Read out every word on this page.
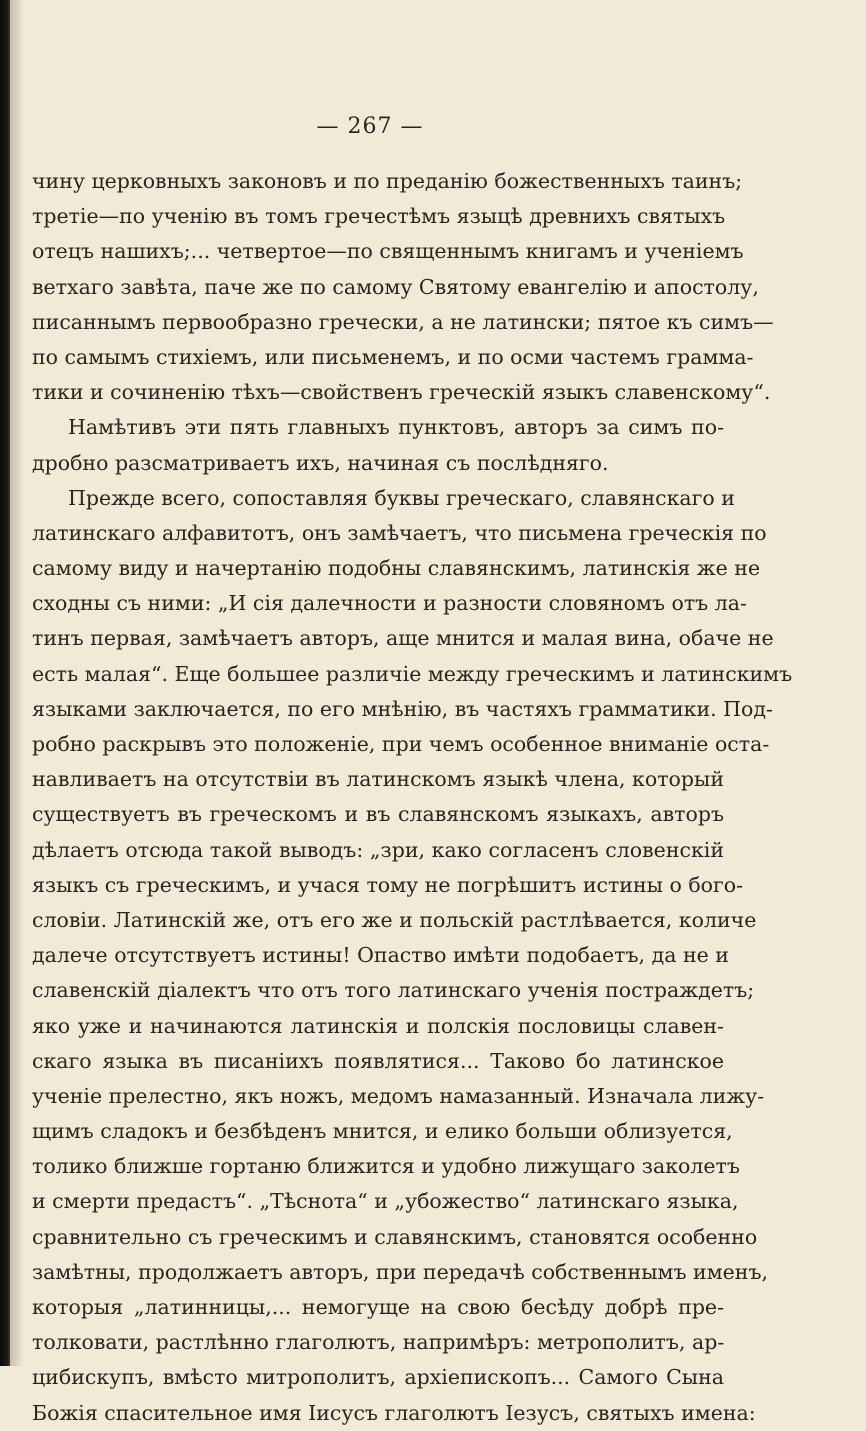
— 267 —
чину церковныхъ законовъ и по преданію божественныхъ таинъ;
третіе—по ученію въ томъ гречестѣмъ языцѣ древнихъ святыхъ
отецъ нашихъ;... четвертое—по священнымъ книгамъ и ученіемъ
ветхаго завѣта, паче же по самому Святому евангелію и апостолу,
писаннымъ первообразно гречески, а не латински; пятое къ симъ—
по самымъ стихіемъ, или письменемъ, и по осми частемъ грамма-
тики и сочиненію тѣхъ—свойственъ греческій языкъ славенскому“.
Намѣтивъ эти пять главныхъ пунктовъ, авторъ за симъ по-
дробно разсматриваетъ ихъ, начиная съ послѣдняго.
Прежде всего, сопоставляя буквы греческаго, славянскаго и
латинскаго алфавитотъ, онъ замѣчаетъ, что письмена греческія по
самому виду и начертанію подобны славянскимъ, латинскія же не
сходны съ ними: „И сія далечности и разности словяномъ отъ ла-
тинъ первая, замѣчаетъ авторъ, аще мнится и малая вина, обаче не
есть малая“. Еще большее различіе между греческимъ и латинскимъ
языками заключается, по его мнѣнію, въ частяхъ грамматики. Под-
робно раскрывъ это положеніе, при чемъ особенное вниманіе оста-
навливаетъ на отсутствіи въ латинскомъ языкѣ члена, который
существуетъ въ греческомъ и въ славянскомъ языкахъ, авторъ
дѣлаетъ отсюда такой выводъ: „зри, како согласенъ словенскій
языкъ съ греческимъ, и учася тому не погрѣшитъ истины о бого-
словіи. Латинскій же, отъ его же и польскій растлѣвается, количе
далече отсутствуетъ истины! Опаство имѣти подобаетъ, да не и
славенскій діалектъ что отъ того латинскаго ученія постраждетъ;
яко уже и начинаются латинскія и полскія пословицы славен-
скаго языка въ писаніихъ появлятися... Таково бо латинское
ученіе прелестно, якъ ножъ, медомъ намазанный. Изначала лижу-
щимъ сладокъ и безбѣденъ мнится, и елико больши облизуется,
толико ближше гортаню ближится и удобно лижущаго заколетъ
и смерти предастъ“. „Тѣснота“ и „убожество“ латинскаго языка,
сравнительно съ греческимъ и славянскимъ, становятся особенно
замѣтны, продолжаетъ авторъ, при передачѣ собственнымъ именъ,
которыя „латинницы,... немогуще на свою бесѣду добрѣ пре-
толковати, растлѣнно глаголютъ, напримѣръ: метрополитъ, ар-
цибискупъ, вмѣсто митрополитъ, архіепископъ... Самого Сына
Божія спасительное имя Іисусъ глаголютъ Іезусъ, святыхъ имена:
